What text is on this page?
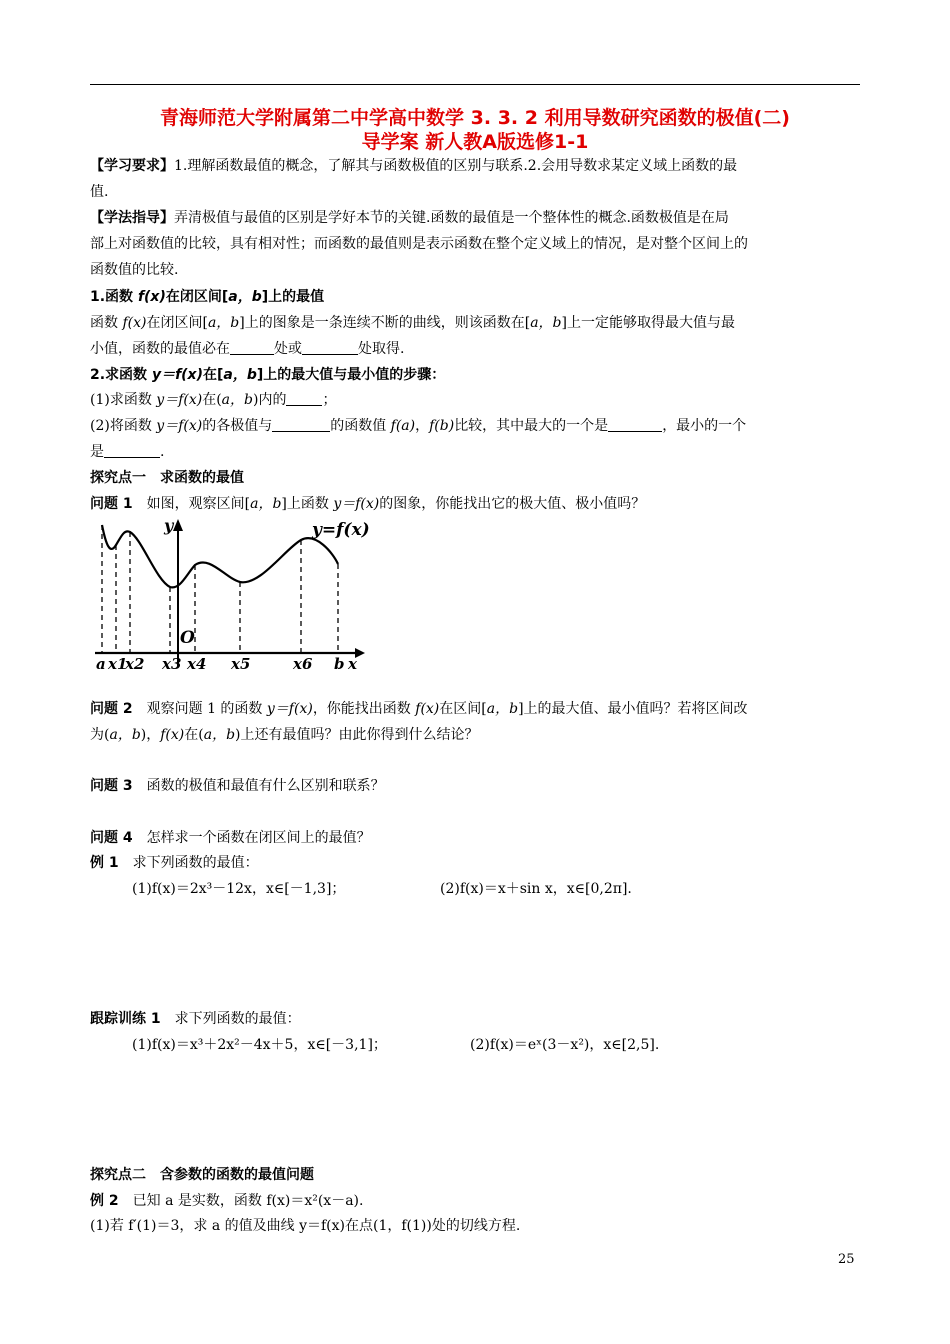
青海师范大学附属第二中学高中数学 3. 3. 2 利用导数研究函数的极值(二)
导学案 新人教A版选修1-1
【学习要求】1.理解函数最值的概念，了解其与函数极值的区别与联系.2.会用导数求某定义域上函数的最
值.
【学法指导】弄清极值与最值的区别是学好本节的关键.函数的最值是一个整体性的概念.函数极值是在局
部上对函数值的比较，具有相对性；而函数的最值则是表示函数在整个定义域上的情况，是对整个区间上的
函数值的比较.
1.函数 f(x)在闭区间[a，b]上的最值
函数 f(x)在闭区间[a，b]上的图象是一条连续不断的曲线，则该函数在[a，b]上一定能够取得最大值与最
小值，函数的最值必在	处或	处取得.
2.求函数 y＝f(x)在[a，b]上的最大值与最小值的步骤：
(1)求函数 y＝f(x)在(a，b)内的	；
(2)将函数 y＝f(x)的各极值与	的函数值 f(a)，f(b)比较，其中最大的一个是	，最小的一个
是	.
探究点一　求函数的最值
问题 1　如图，观察区间[a，b]上函数 y＝f(x)的图象，你能找出它的极大值、极小值吗？
y=f(x)
y
O
a x1
x2 x3 x4 x5	x6 b x
问题 2　观察问题 1 的函数 y＝f(x)，你能找出函数 f(x)在区间[a，b]上的最大值、最小值吗？若将区间改
为(a，b)，f(x)在(a，b)上还有最值吗？由此你得到什么结论？
问题 3　函数的极值和最值有什么区别和联系？
问题 4　怎样求一个函数在闭区间上的最值？
例 1　求下列函数的最值：
(1)f(x)＝2x³－12x，x∈[－1,3]；	(2)f(x)＝x＋sin x，x∈[0,2π].
跟踪训练 1　求下列函数的最值：
(1)f(x)＝x³＋2x²－4x＋5，x∈[－3,1]；	(2)f(x)＝eˣ(3－x²)，x∈[2,5].
探究点二　含参数的函数的最值问题
例 2　已知 a 是实数，函数 f(x)＝x²(x－a).
(1)若 f′(1)＝3，求 a 的值及曲线 y＝f(x)在点(1，f(1))处的切线方程.
25
